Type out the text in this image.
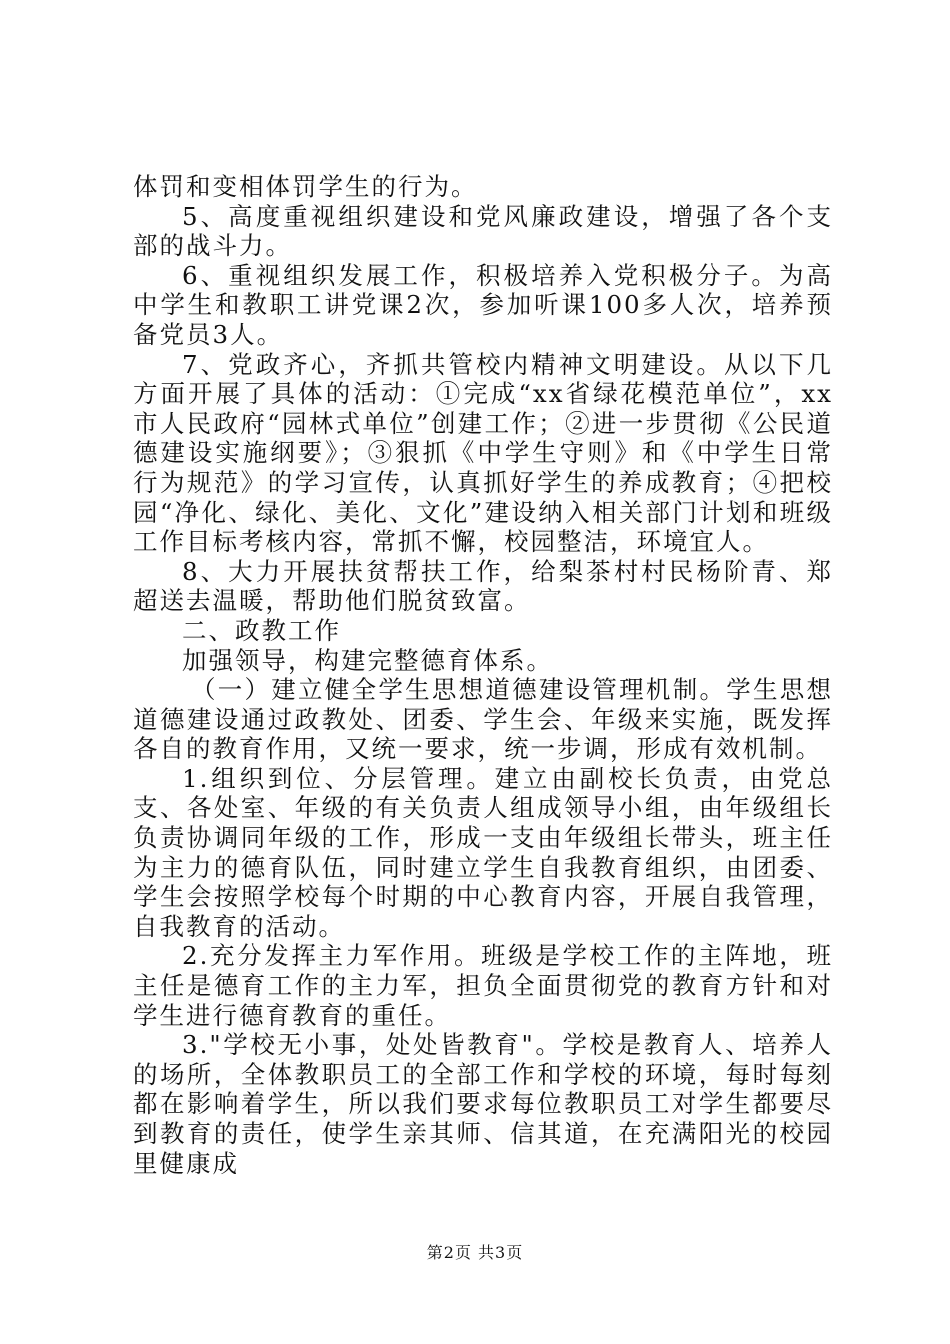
体罚和变相体罚学生的行为。

5、高度重视组织建设和党风廉政建设，增强了各个支部的战斗力。

6、重视组织发展工作，积极培养入党积极分子。为高中学生和教职工讲党课2次，参加听课100多人次，培养预备党员3人。

7、党政齐心，齐抓共管校内精神文明建设。从以下几方面开展了具体的活动：①完成“xx省绿花模范单位”，xx市人民政府“园林式单位”创建工作；②进一步贯彻《公民道德建设实施纲要》；③狠抓《中学生守则》和《中学生日常行为规范》的学习宣传，认真抓好学生的养成教育；④把校园“净化、绿化、美化、文化”建设纳入相关部门计划和班级工作目标考核内容，常抓不懈，校园整洁，环境宜人。

8、大力开展扶贫帮扶工作，给梨茶村村民杨阶青、郑超送去温暖，帮助他们脱贫致富。

二、政教工作

加强领导，构建完整德育体系。

（一）建立健全学生思想道德建设管理机制。学生思想道德建设通过政教处、团委、学生会、年级来实施，既发挥各自的教育作用，又统一要求，统一步调，形成有效机制。

1.组织到位、分层管理。建立由副校长负责，由党总支、各处室、年级的有关负责人组成领导小组，由年级组长负责协调同年级的工作，形成一支由年级组长带头，班主任为主力的德育队伍，同时建立学生自我教育组织，由团委、学生会按照学校每个时期的中心教育内容，开展自我管理，自我教育的活动。

2.充分发挥主力军作用。班级是学校工作的主阵地，班主任是德育工作的主力军，担负全面贯彻党的教育方针和对学生进行德育教育的重任。

3."学校无小事，处处皆教育"。学校是教育人、培养人的场所，全体教职员工的全部工作和学校的环境，每时每刻都在影响着学生，所以我们要求每位教职员工对学生都要尽到教育的责任，使学生亲其师、信其道，在充满阳光的校园里健康成

第2页 共3页
